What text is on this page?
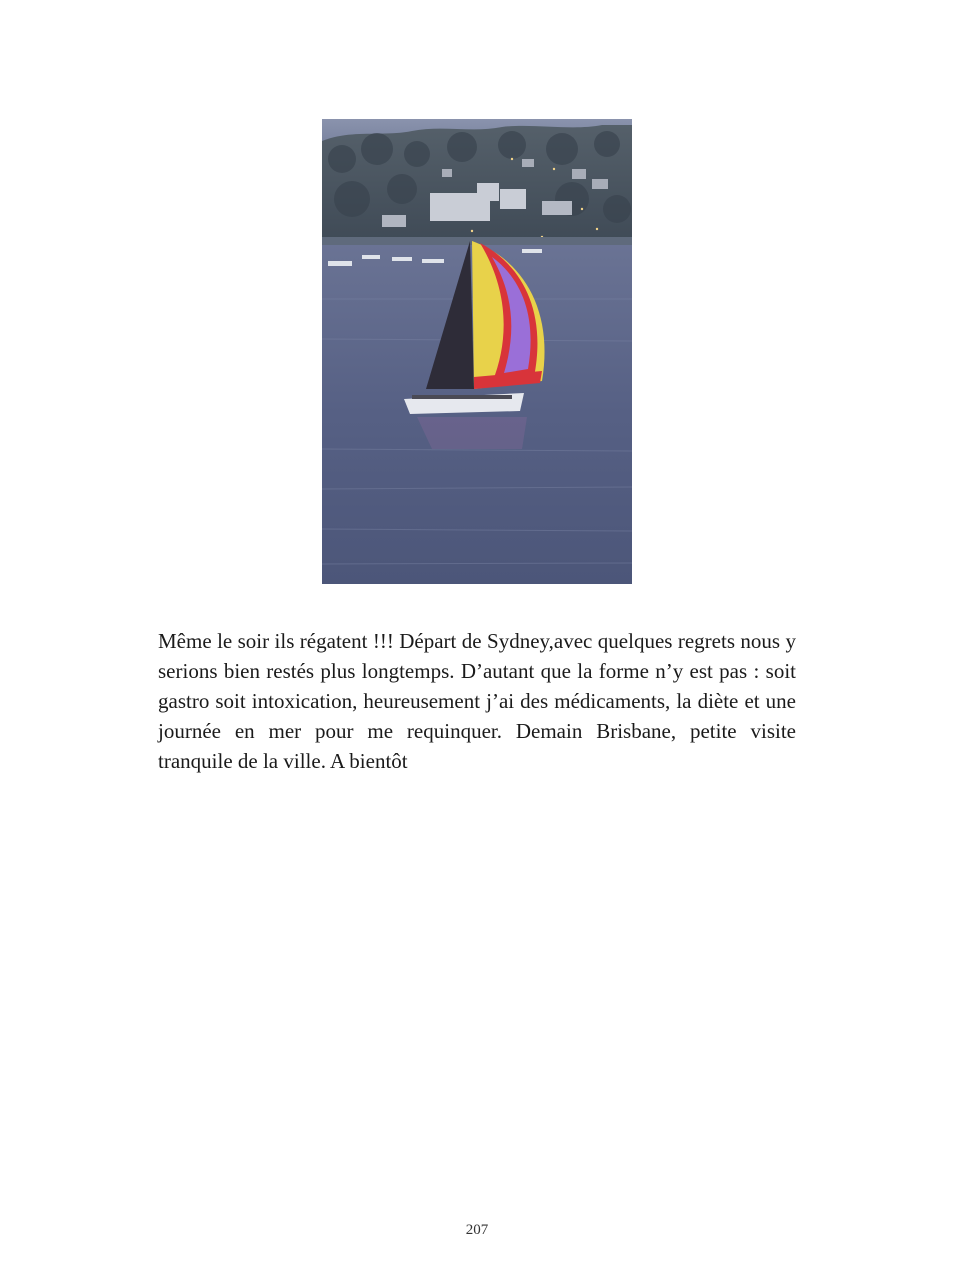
Même le soir ils régatent !!! Départ de Sydney,avec quelques regrets nous y serions bien restés plus longtemps. D’autant que la forme n’y est pas : soit gastro soit intoxication, heureusement j’ai des médicaments, la diète et une journée en mer pour me requinquer. Demain Brisbane, petite visite tranquile de la ville. A bientôt

207
